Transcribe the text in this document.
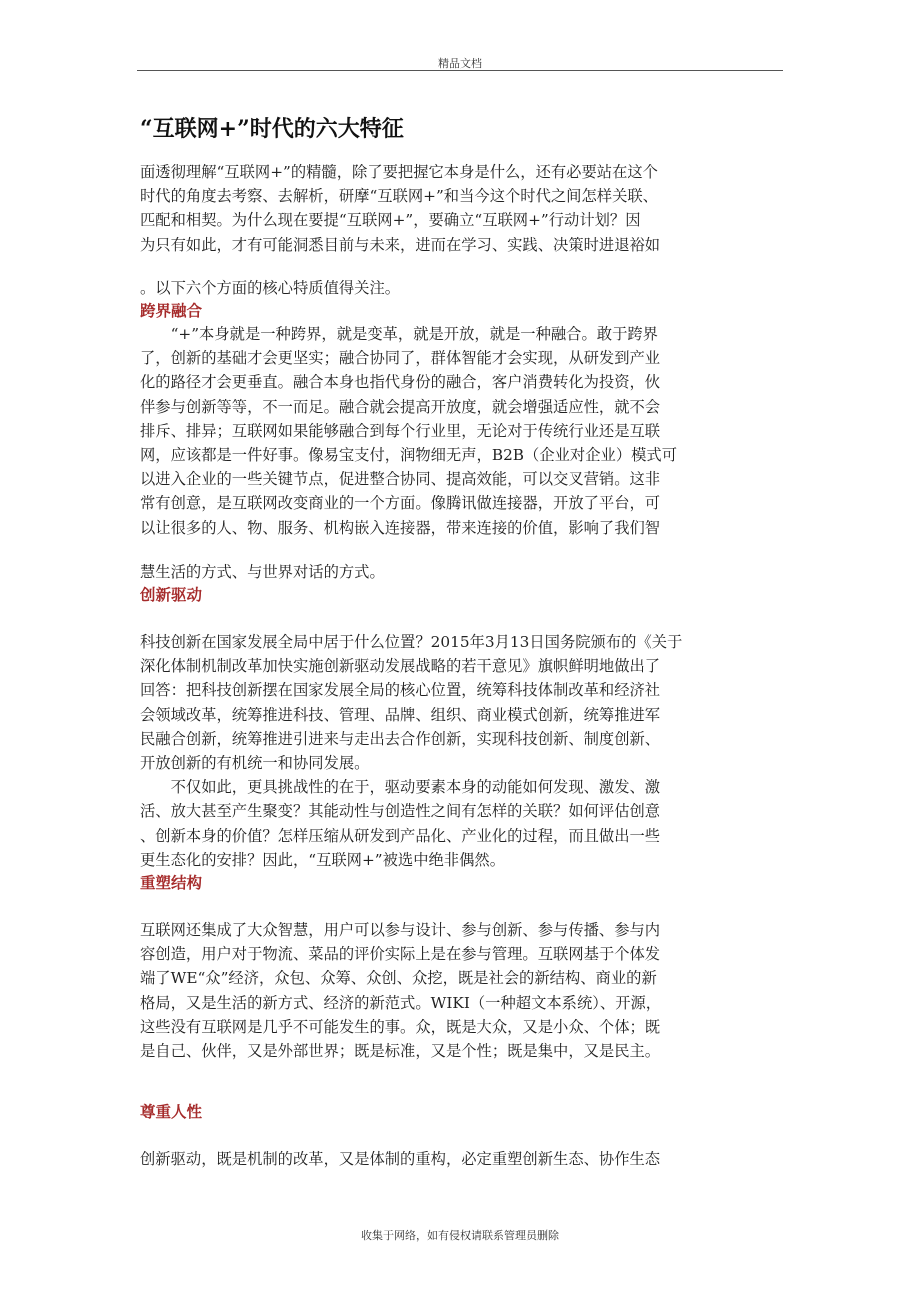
精品文档
“互联网+”时代的六大特征
面透彻理解“互联网+”的精髓，除了要把握它本身是什么，还有必要站在这个
时代的角度去考察、去解析，研摩“互联网+”和当今这个时代之间怎样关联、
匹配和相契。为什么现在要提“互联网+”，要确立“互联网+”行动计划？因
为只有如此，才有可能洞悉目前与未来，进而在学习、实践、决策时进退裕如
。以下六个方面的核心特质值得关注。
跨界融合
　　“+”本身就是一种跨界，就是变革，就是开放，就是一种融合。敢于跨界
了，创新的基础才会更坚实；融合协同了，群体智能才会实现，从研发到产业
化的路径才会更垂直。融合本身也指代身份的融合，客户消费转化为投资，伙
伴参与创新等等，不一而足。融合就会提高开放度，就会增强适应性，就不会
排斥、排异；互联网如果能够融合到每个行业里，无论对于传统行业还是互联
网，应该都是一件好事。像易宝支付，润物细无声，B2B（企业对企业）模式可
以进入企业的一些关键节点，促进整合协同、提高效能，可以交叉营销。这非
常有创意，是互联网改变商业的一个方面。像腾讯做连接器，开放了平台，可
以让很多的人、物、服务、机构嵌入连接器，带来连接的价值，影响了我们智
慧生活的方式、与世界对话的方式。
创新驱动
科技创新在国家发展全局中居于什么位置？2015年3月13日国务院颁布的《关于
深化体制机制改革加快实施创新驱动发展战略的若干意见》旗帜鲜明地做出了
回答：把科技创新摆在国家发展全局的核心位置，统筹科技体制改革和经济社
会领域改革，统筹推进科技、管理、品牌、组织、商业模式创新，统筹推进军
民融合创新，统筹推进引进来与走出去合作创新，实现科技创新、制度创新、
开放创新的有机统一和协同发展。
　　不仅如此，更具挑战性的在于，驱动要素本身的动能如何发现、激发、激
活、放大甚至产生聚变？其能动性与创造性之间有怎样的关联？如何评估创意
、创新本身的价值？怎样压缩从研发到产品化、产业化的过程，而且做出一些
更生态化的安排？因此，“互联网+”被选中绝非偶然。
重塑结构
互联网还集成了大众智慧，用户可以参与设计、参与创新、参与传播、参与内
容创造，用户对于物流、菜品的评价实际上是在参与管理。互联网基于个体发
端了WE“众”经济，众包、众筹、众创、众挖，既是社会的新结构、商业的新
格局，又是生活的新方式、经济的新范式。WIKI（一种超文本系统）、开源，
这些没有互联网是几乎不可能发生的事。众，既是大众，又是小众、个体；既
是自己、伙伴，又是外部世界；既是标准，又是个性；既是集中，又是民主。
尊重人性
创新驱动，既是机制的改革，又是体制的重构，必定重塑创新生态、协作生态
收集于网络，如有侵权请联系管理员删除
